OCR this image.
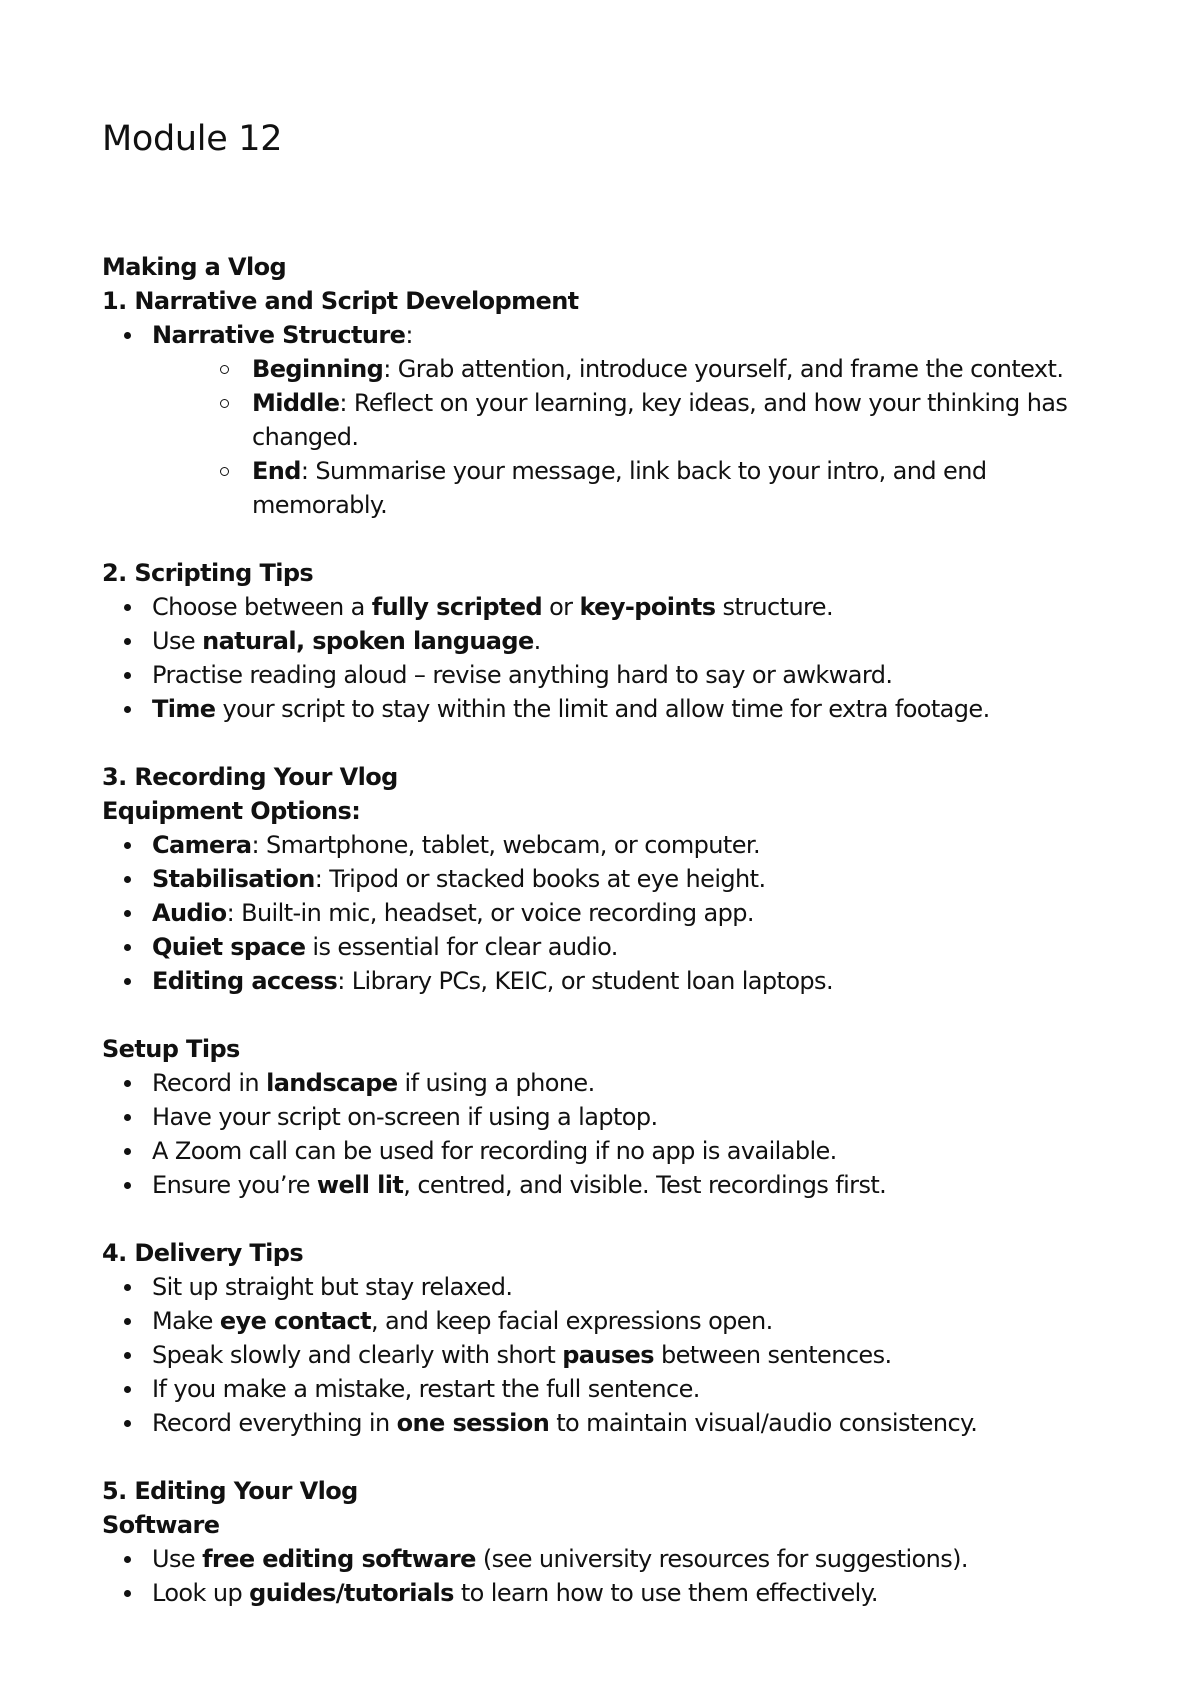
Module 12

Making a Vlog

1. Narrative and Script Development

Narrative Structure:
Beginning: Grab attention, introduce yourself, and frame the context.
Middle: Reflect on your learning, key ideas, and how your thinking has changed.
End: Summarise your message, link back to your intro, and end memorably.

2. Scripting Tips

Choose between a fully scripted or key-points structure.
Use natural, spoken language.
Practise reading aloud – revise anything hard to say or awkward.
Time your script to stay within the limit and allow time for extra footage.

3. Recording Your Vlog

Equipment Options:

Camera: Smartphone, tablet, webcam, or computer.
Stabilisation: Tripod or stacked books at eye height.
Audio: Built-in mic, headset, or voice recording app.
Quiet space is essential for clear audio.
Editing access: Library PCs, KEIC, or student loan laptops.

Setup Tips

Record in landscape if using a phone.
Have your script on-screen if using a laptop.
A Zoom call can be used for recording if no app is available.
Ensure you’re well lit, centred, and visible. Test recordings first.

4. Delivery Tips

Sit up straight but stay relaxed.
Make eye contact, and keep facial expressions open.
Speak slowly and clearly with short pauses between sentences.
If you make a mistake, restart the full sentence.
Record everything in one session to maintain visual/audio consistency.

5. Editing Your Vlog

Software

Use free editing software (see university resources for suggestions).
Look up guides/tutorials to learn how to use them effectively.
